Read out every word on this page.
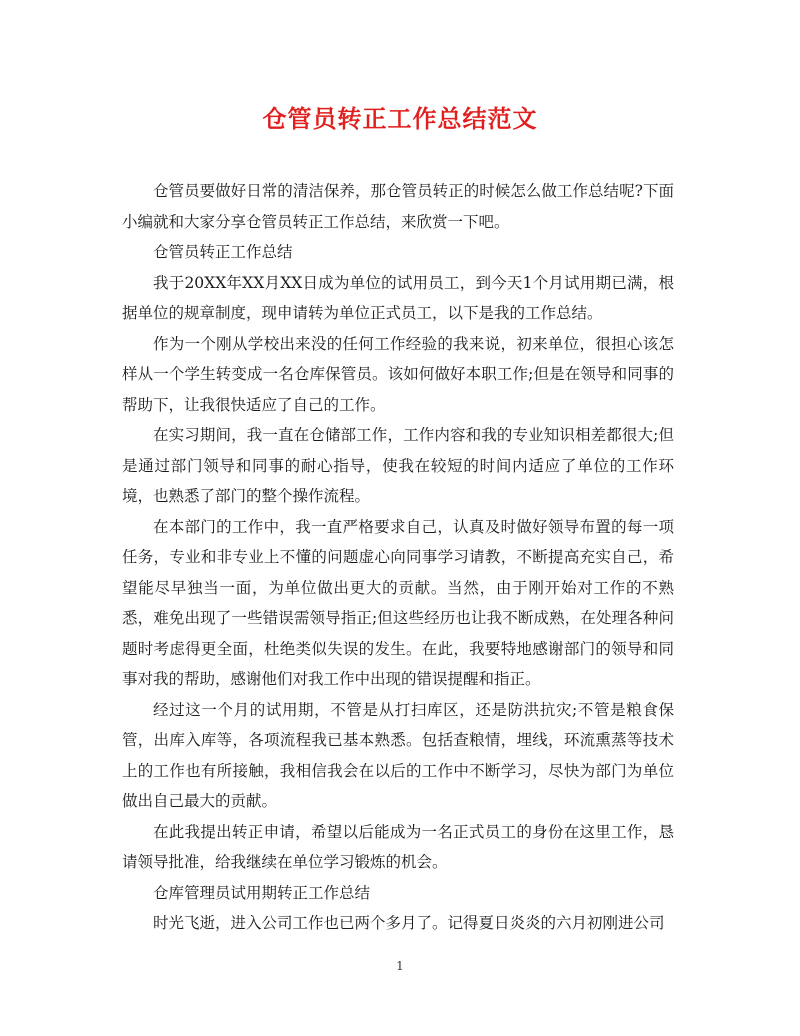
仓管员转正工作总结范文

仓管员要做好日常的清洁保养，那仓管员转正的时候怎么做工作总结呢?下面小编就和大家分享仓管员转正工作总结，来欣赏一下吧。

仓管员转正工作总结

我于20XX年XX月XX日成为单位的试用员工，到今天1个月试用期已满，根据单位的规章制度，现申请转为单位正式员工，以下是我的工作总结。

作为一个刚从学校出来没的任何工作经验的我来说，初来单位，很担心该怎样从一个学生转变成一名仓库保管员。该如何做好本职工作;但是在领导和同事的帮助下，让我很快适应了自己的工作。

在实习期间，我一直在仓储部工作，工作内容和我的专业知识相差都很大;但是通过部门领导和同事的耐心指导，使我在较短的时间内适应了单位的工作环境，也熟悉了部门的整个操作流程。

在本部门的工作中，我一直严格要求自己，认真及时做好领导布置的每一项任务，专业和非专业上不懂的问题虚心向同事学习请教，不断提高充实自己，希望能尽早独当一面，为单位做出更大的贡献。当然，由于刚开始对工作的不熟悉，难免出现了一些错误需领导指正;但这些经历也让我不断成熟，在处理各种问题时考虑得更全面，杜绝类似失误的发生。在此，我要特地感谢部门的领导和同事对我的帮助，感谢他们对我工作中出现的错误提醒和指正。

经过这一个月的试用期，不管是从打扫库区，还是防洪抗灾;不管是粮食保管，出库入库等，各项流程我已基本熟悉。包括查粮情，埋线，环流熏蒸等技术上的工作也有所接触，我相信我会在以后的工作中不断学习，尽快为部门为单位做出自己最大的贡献。

在此我提出转正申请，希望以后能成为一名正式员工的身份在这里工作，恳请领导批准，给我继续在单位学习锻炼的机会。

仓库管理员试用期转正工作总结

时光飞逝，进入公司工作也已两个多月了。记得夏日炎炎的六月初刚进公司

1
